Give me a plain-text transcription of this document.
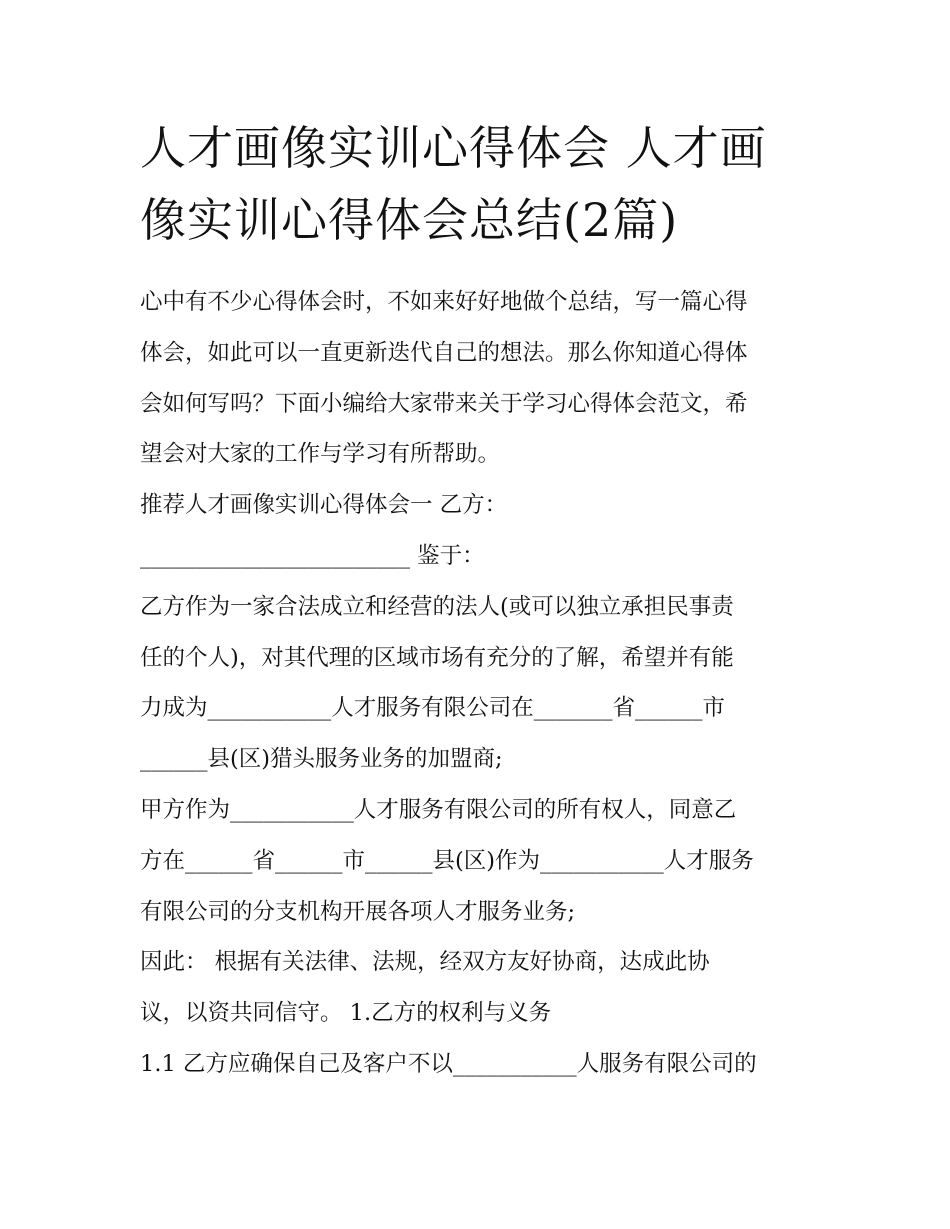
人才画像实训心得体会 人才画
像实训心得体会总结(2篇)
心中有不少心得体会时，不如来好好地做个总结，写一篇心得
体会，如此可以一直更新迭代自己的想法。那么你知道心得体
会如何写吗？下面小编给大家带来关于学习心得体会范文，希
望会对大家的工作与学习有所帮助。
推荐人才画像实训心得体会一 乙方：
________________________ 鉴于：
乙方作为一家合法成立和经营的法人(或可以独立承担民事责
任的个人)，对其代理的区域市场有充分的了解，希望并有能
力成为___________人才服务有限公司在_______省______市
______县(区)猎头服务业务的加盟商;
甲方作为___________人才服务有限公司的所有权人，同意乙
方在______省______市______县(区)作为___________人才服务
有限公司的分支机构开展各项人才服务业务;
因此： 根据有关法律、法规，经双方友好协商，达成此协
议，以资共同信守。 1.乙方的权利与义务
1.1 乙方应确保自己及客户不以___________人服务有限公司的
